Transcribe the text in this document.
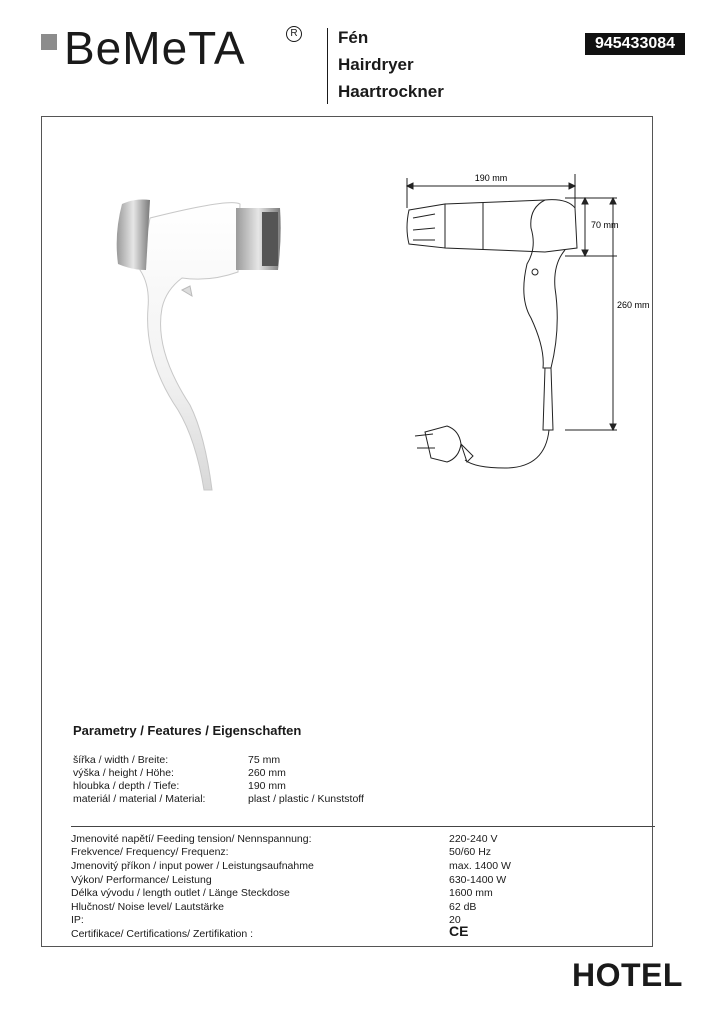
BeMeTA	R Fén
Hairdryer
Haartrockner
945433084
190 mm
70 mm
260 mm
Parametry / Features / Eigenschaften
šířka / width / Breite:	75 mm
výška / height / Höhe:	260 mm
hloubka / depth / Tiefe:	190 mm
materiál / material / Material:	plast / plastic / Kunststoff
Jmenovité napětí/ Feeding tension/ Nennspannung:	220-240 V
Frekvence/ Frequency/ Frequenz:	50/60 Hz
Jmenovitý příkon / input power / Leistungsaufnahme	max. 1400 W
Výkon/ Performance/ Leistung	630-1400 W
Délka vývodu / length outlet / Länge Steckdose	1600 mm
Hlučnost/ Noise level/ Lautstärke	62 dB
IP:	20
Certifikace/ Certifications/ Zertifikation :	CE
HOTEL
